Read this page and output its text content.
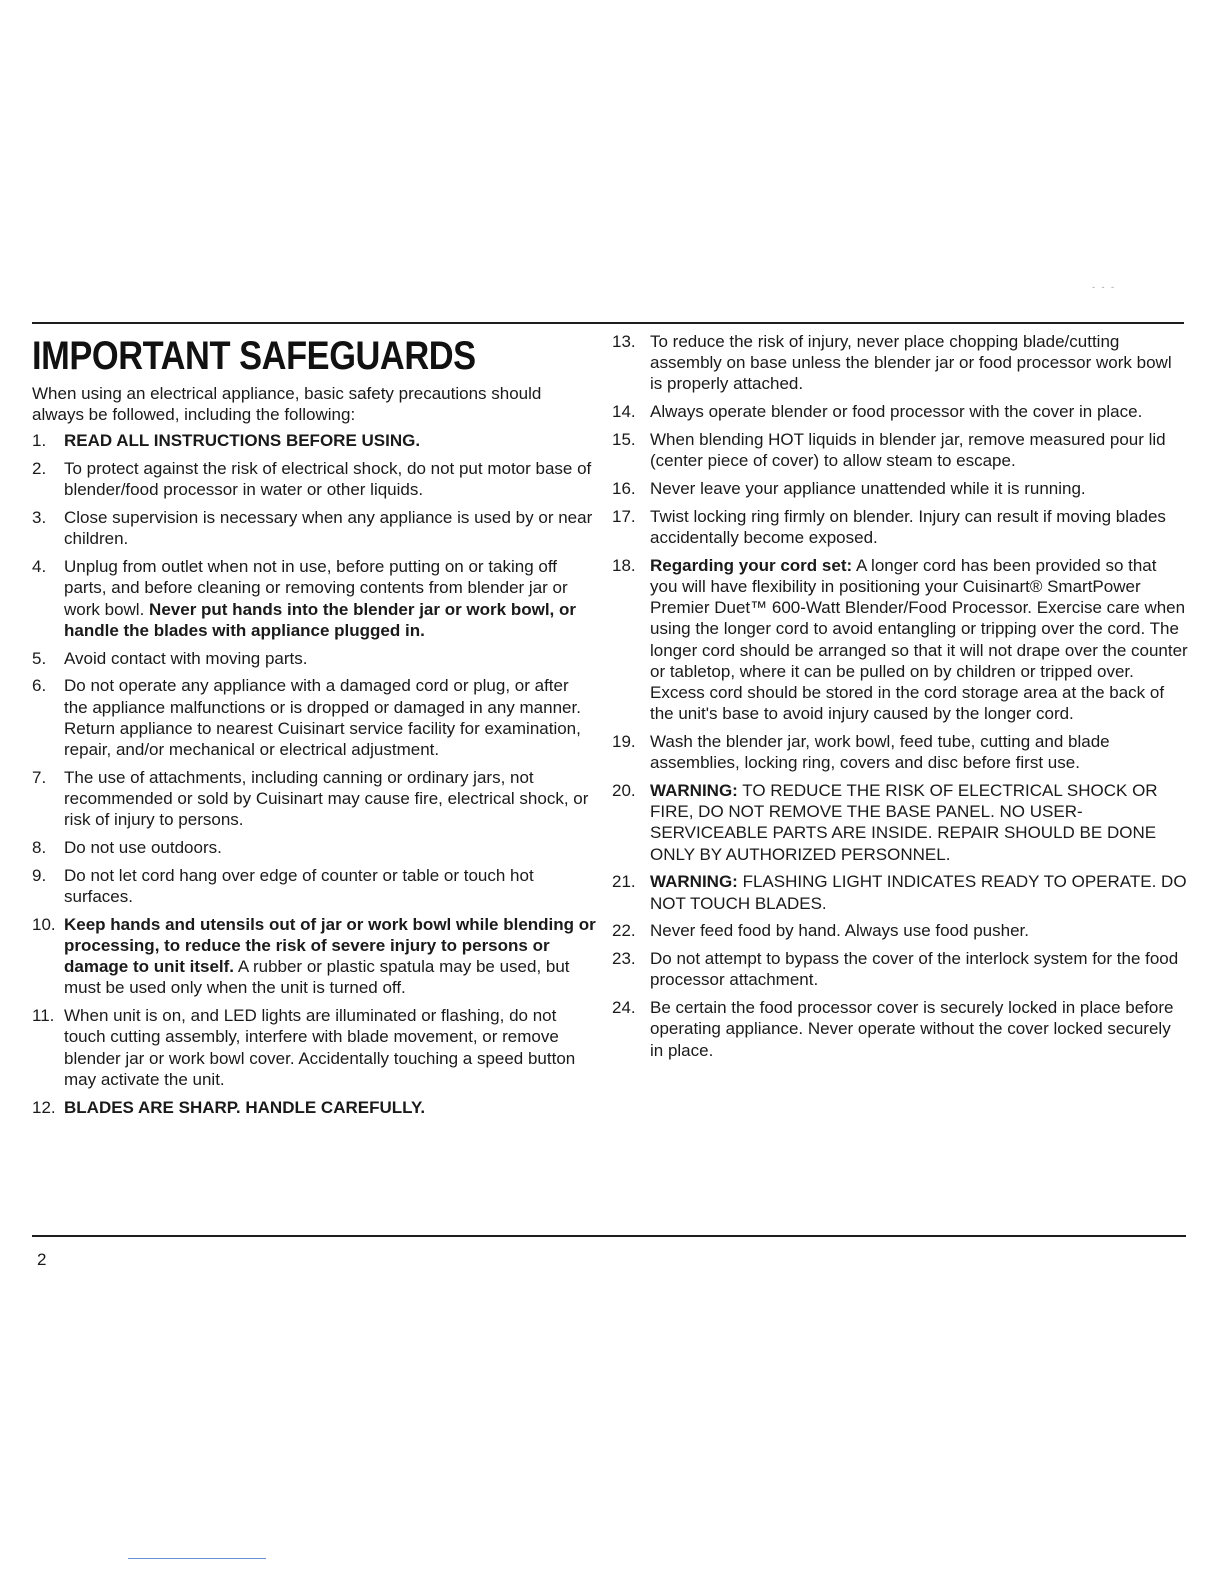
‐ ‐ ‐
IMPORTANT SAFEGUARDS

When using an electrical appliance, basic safety precautions should always be followed, including the following:

1. READ ALL INSTRUCTIONS BEFORE USING.
2. To protect against the risk of electrical shock, do not put motor base of blender/food processor in water or other liquids.
3. Close supervision is necessary when any appliance is used by or near children.
4. Unplug from outlet when not in use, before putting on or taking off parts, and before cleaning or removing contents from blender jar or work bowl. Never put hands into the blender jar or work bowl, or handle the blades with appliance plugged in.
5. Avoid contact with moving parts.
6. Do not operate any appliance with a damaged cord or plug, or after the appliance malfunctions or is dropped or damaged in any manner. Return appliance to nearest Cuisinart service facility for examination, repair, and/or mechanical or electrical adjustment.
7. The use of attachments, including canning or ordinary jars, not recommended or sold by Cuisinart may cause fire, electrical shock, or risk of injury to persons.
8. Do not use outdoors.
9. Do not let cord hang over edge of counter or table or touch hot surfaces.
10. Keep hands and utensils out of jar or work bowl while blending or processing, to reduce the risk of severe injury to persons or damage to unit itself. A rubber or plastic spatula may be used, but must be used only when the unit is turned off.
11. When unit is on, and LED lights are illuminated or flashing, do not touch cutting assembly, interfere with blade movement, or remove blender jar or work bowl cover. Accidentally touching a speed button may activate the unit.
12. BLADES ARE SHARP. HANDLE CAREFULLY.
13. To reduce the risk of injury, never place chopping blade/cutting assembly on base unless the blender jar or food processor work bowl is properly attached.
14. Always operate blender or food processor with the cover in place.
15. When blending HOT liquids in blender jar, remove measured pour lid (center piece of cover) to allow steam to escape.
16. Never leave your appliance unattended while it is running.
17. Twist locking ring firmly on blender. Injury can result if moving blades accidentally become exposed.
18. Regarding your cord set: A longer cord has been provided so that you will have flexibility in positioning your Cuisinart® SmartPower Premier Duet™ 600-Watt Blender/Food Processor. Exercise care when using the longer cord to avoid entangling or tripping over the cord. The longer cord should be arranged so that it will not drape over the counter or tabletop, where it can be pulled on by children or tripped over. Excess cord should be stored in the cord storage area at the back of the unit's base to avoid injury caused by the longer cord.
19. Wash the blender jar, work bowl, feed tube, cutting and blade assemblies, locking ring, covers and disc before first use.
20. WARNING: TO REDUCE THE RISK OF ELECTRICAL SHOCK OR FIRE, DO NOT REMOVE THE BASE PANEL. NO USER-SERVICEABLE PARTS ARE INSIDE. REPAIR SHOULD BE DONE ONLY BY AUTHORIZED PERSONNEL.
21. WARNING: FLASHING LIGHT INDICATES READY TO OPERATE. DO NOT TOUCH BLADES.
22. Never feed food by hand. Always use food pusher.
23. Do not attempt to bypass the cover of the interlock system for the food processor attachment.
24. Be certain the food processor cover is securely locked in place before operating appliance. Never operate without the cover locked securely in place.
2
